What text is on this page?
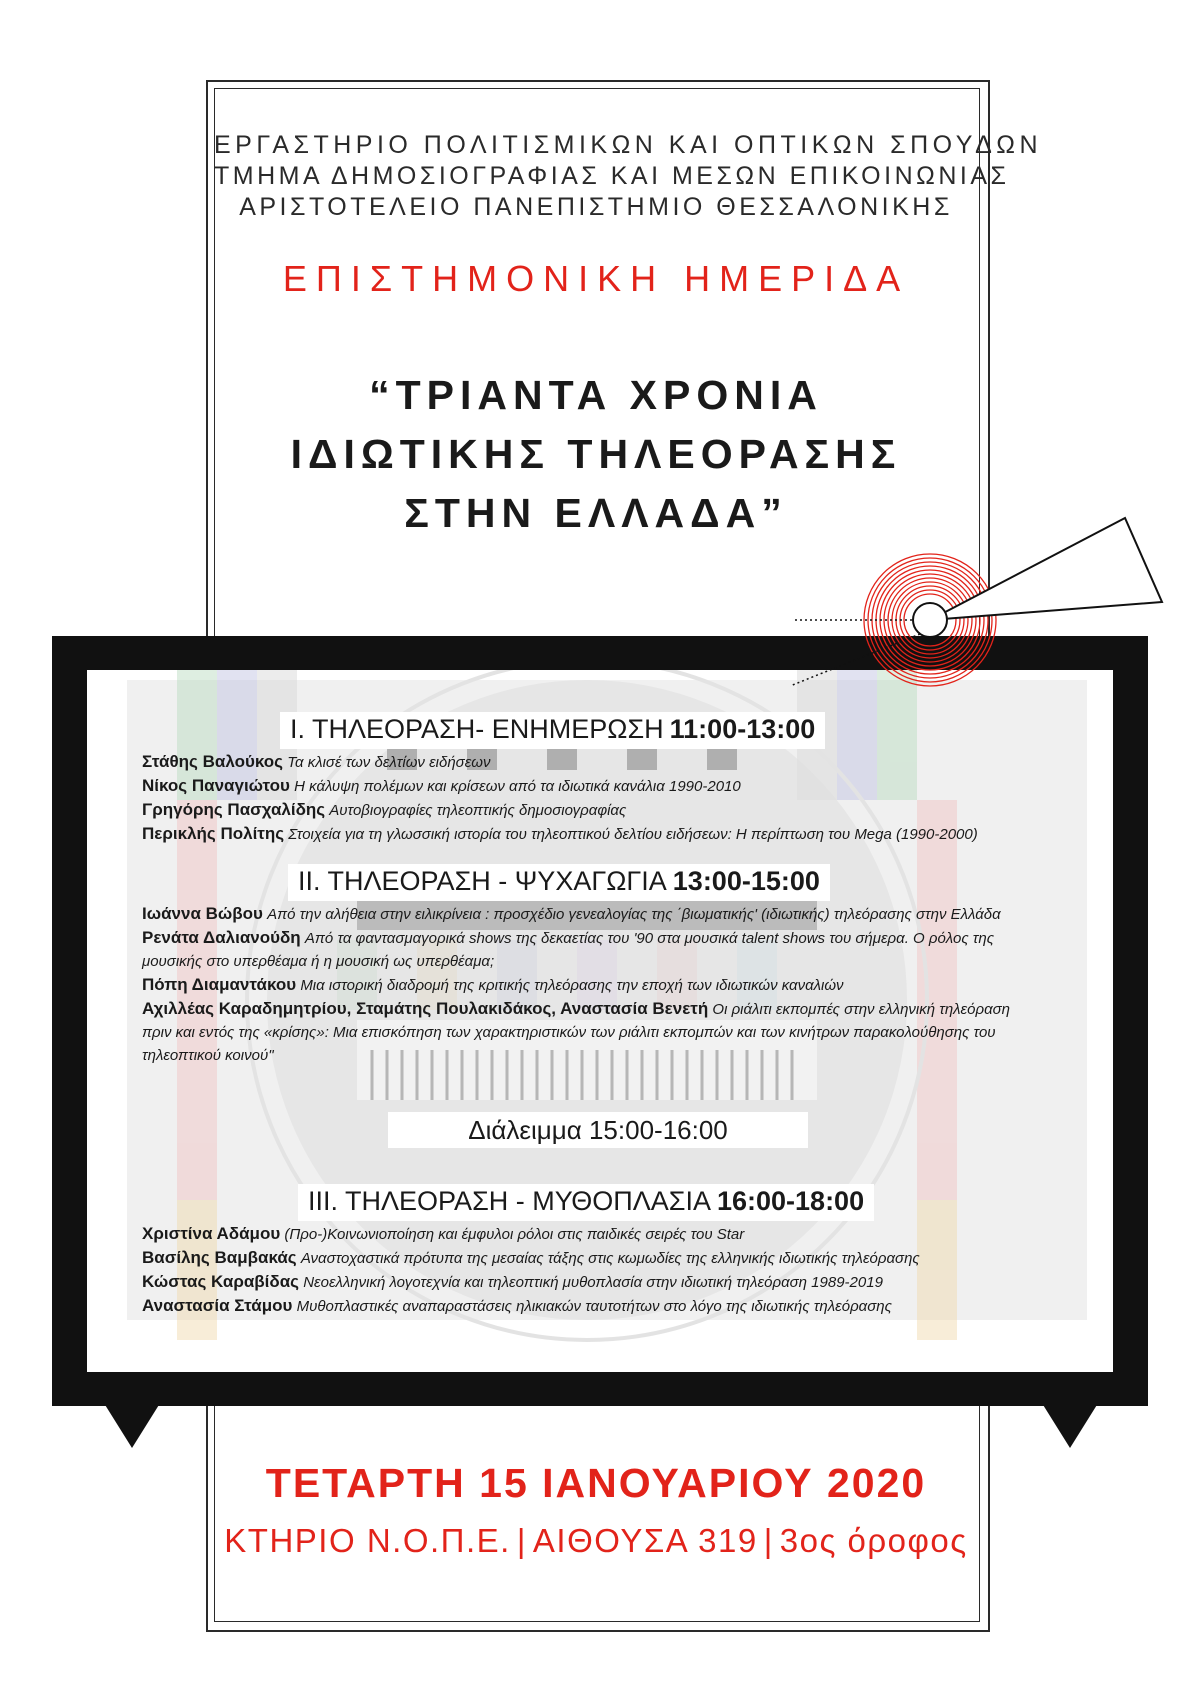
ΕΡΓΑΣΤΗΡΙΟ ΠΟΛΙΤΙΣΜΙΚΩΝ ΚΑΙ ΟΠΤΙΚΩΝ ΣΠΟΥΔΩΝ
ΤΜΗΜΑ ΔΗΜΟΣΙΟΓΡΑΦΙΑΣ ΚΑΙ ΜΕΣΩΝ ΕΠΙΚΟΙΝΩΝΙΑΣ
ΑΡΙΣΤΟΤΕΛΕΙΟ ΠΑΝΕΠΙΣΤΗΜΙΟ ΘΕΣΣΑΛΟΝΙΚΗΣ
ΕΠΙΣΤΗΜΟΝΙΚΗ ΗΜΕΡΙΔΑ
“ΤΡΙΑΝΤΑ ΧΡΟΝΙΑ
ΙΔΙΩΤΙΚΗΣ ΤΗΛΕΟΡΑΣΗΣ
ΣΤΗΝ ΕΛΛΑΔΑ”
Ι. ΤΗΛΕΟΡΑΣΗ- ΕΝΗΜΕΡΩΣΗ 11:00-13:00
ΙΙ. ΤΗΛΕΟΡΑΣΗ - ΨΥΧΑΓΩΓΙΑ 13:00-15:00
ΙΙΙ. ΤΗΛΕΟΡΑΣΗ - ΜΥΘΟΠΛΑΣΙΑ 16:00-18:00

Στάθης Βαλούκος Τα κλισέ των δελτίων ειδήσεων

Νίκος Παναγιώτου Η κάλυψη πολέμων και κρίσεων από τα ιδιωτικά κανάλια 1990-2010

Γρηγόρης Πασχαλίδης Αυτοβιογραφίες τηλεοπτικής δημοσιογραφίας

Περικλής Πολίτης Στοιχεία για τη γλωσσική ιστορία του τηλεοπτικού δελτίου ειδήσεων: Η περίπτωση του Mega (1990-2000)

Ιωάννα Βώβου Από την αλήθεια στην ειλικρίνεια : προσχέδιο γενεαλογίας της ΄βιωματικής' (ιδιωτικής) τηλεόρασης στην Ελλάδα

Ρενάτα Δαλιανούδη Από τα φαντασμαγορικά shows της δεκαετίας του '90 στα μουσικά talent shows του σήμερα. Ο ρόλος της μουσικής στο υπερθέαμα ή η μουσική ως υπερθέαμα;

Πόπη Διαμαντάκου Μια ιστορική διαδρομή της κριτικής τηλεόρασης την εποχή των ιδιωτικών καναλιών

Αχιλλέας Καραδημητρίου, Σταμάτης Πουλακιδάκος, Αναστασία Βενετή Οι ριάλιτι εκπομπές στην ελληνική τηλεόραση πριν και εντός της «κρίσης»: Μια επισκόπηση των χαρακτηριστικών των ριάλιτι εκπομπών και των κινήτρων παρακολούθησης του τηλεοπτικού κοινού"

Διάλειμμα 15:00-16:00

Χριστίνα Αδάμου (Προ-)Κοινωνιοποίηση και έμφυλοι ρόλοι στις παιδικές σειρές του Star

Βασίλης Βαμβακάς Αναστοχαστικά πρότυπα της μεσαίας τάξης στις κωμωδίες της ελληνικής ιδιωτικής τηλεόρασης

Κώστας Καραβίδας Νεοελληνική λογοτεχνία και τηλεοπτική μυθοπλασία στην ιδιωτική τηλεόραση 1989-2019

Αναστασία Στάμου Μυθοπλαστικές αναπαραστάσεις ηλικιακών ταυτοτήτων στο λόγο της ιδιωτικής τηλεόρασης

ΤΕΤΑΡΤΗ 15 ΙΑΝΟΥΑΡΙΟΥ 2020
ΚΤΗΡΙΟ Ν.Ο.Π.Ε. | ΑΙΘΟΥΣΑ 319 | 3ος όροφος
